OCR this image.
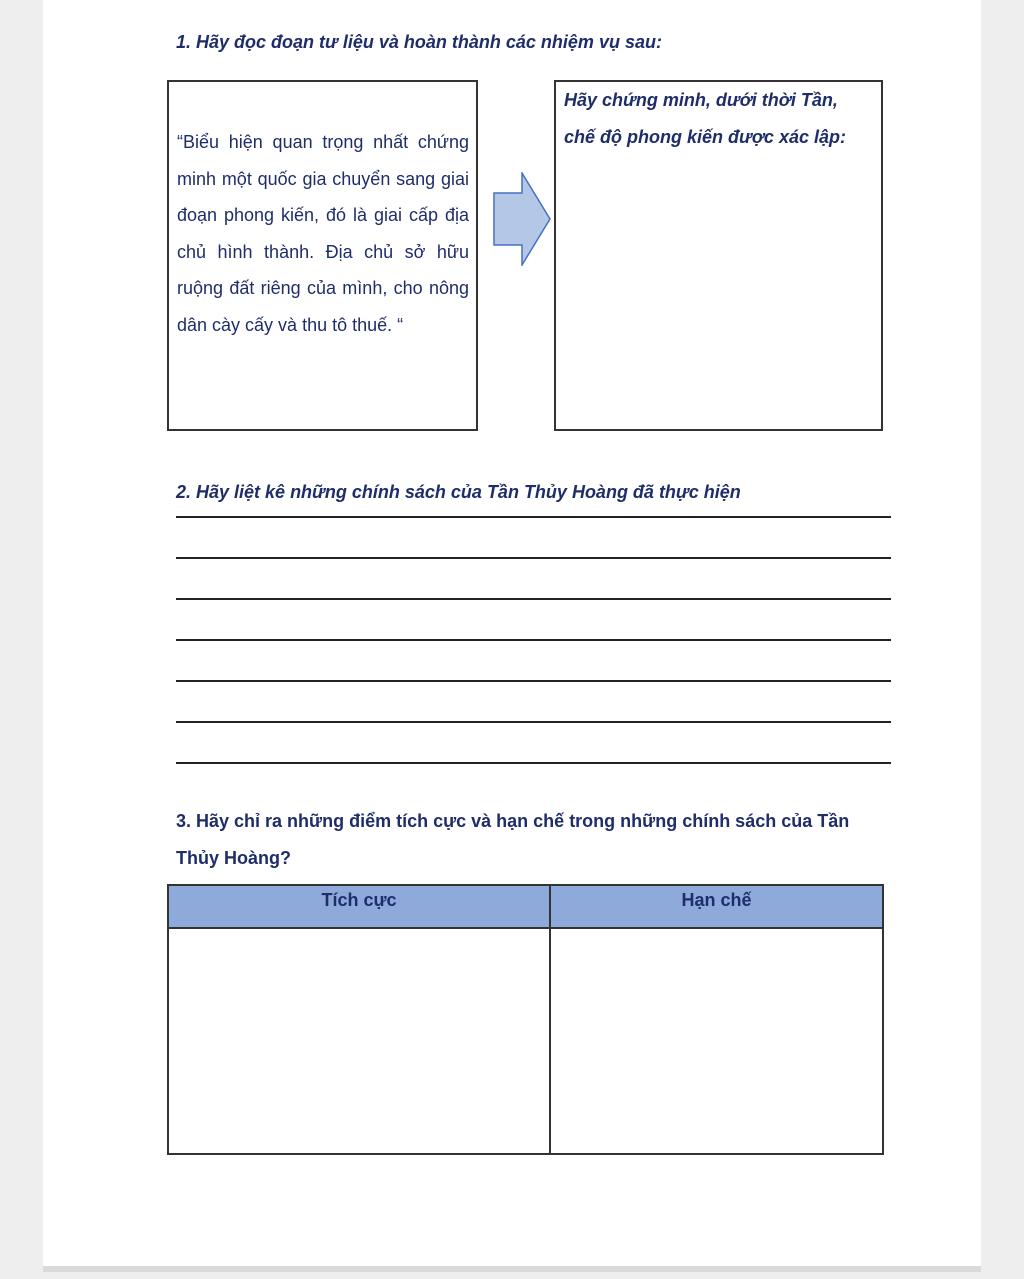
1. Hãy đọc đoạn tư liệu và hoàn thành các nhiệm vụ sau:

“Biểu hiện quan trọng nhất chứng minh một quốc gia chuyển sang giai đoạn phong kiến, đó là giai cấp địa chủ hình thành. Địa chủ sở hữu ruộng đất riêng của mình, cho nông dân cày cấy và thu tô thuế. “

Hãy chứng minh, dưới thời Tần, chế độ phong kiến được xác lập:

2. Hãy liệt kê những chính sách của Tần Thủy Hoàng đã thực hiện

3. Hãy chỉ ra những điểm tích cực và hạn chế trong những chính sách của Tần Thủy Hoàng?

Tích cực	Hạn chế
